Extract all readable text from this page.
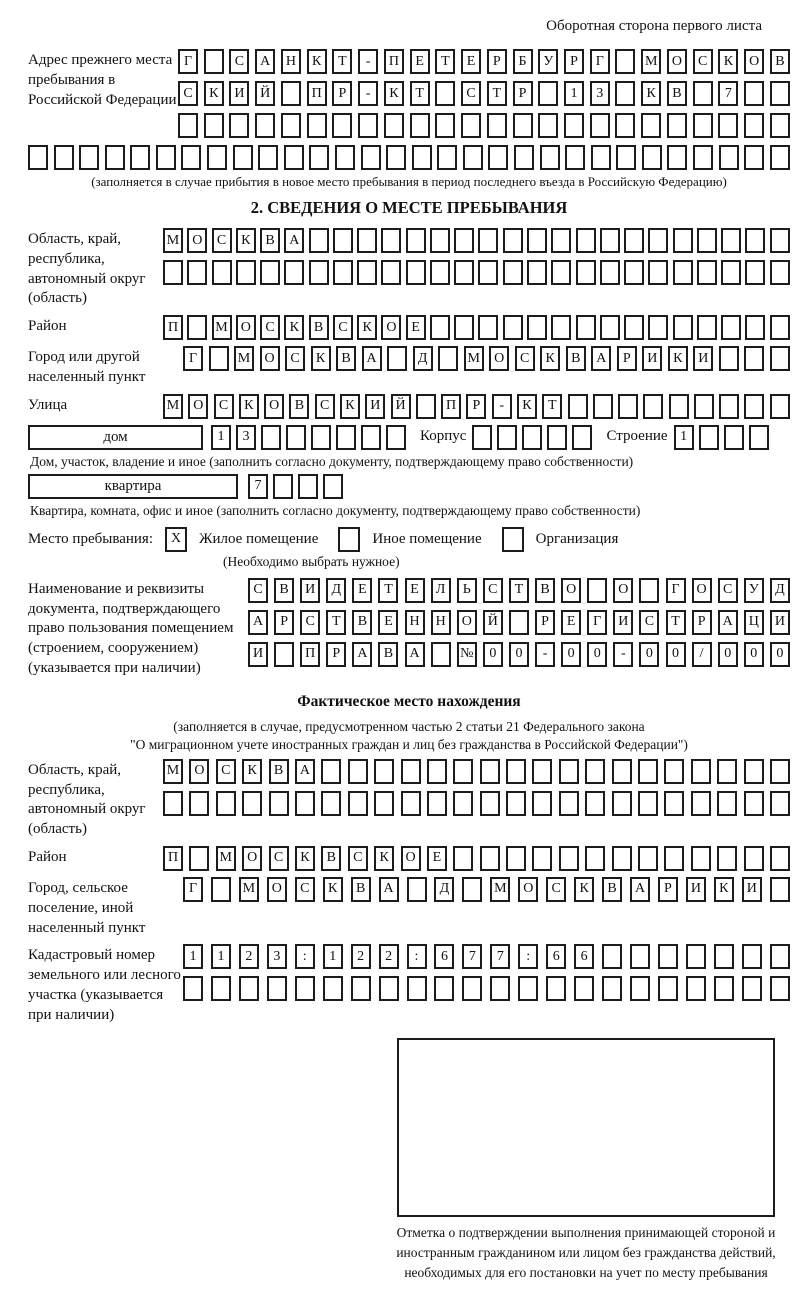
Оборотная сторона первого листа
Адрес прежнего места пребывания в Российской Федерации
Г	С	А	Н	К	Т	-	П	Е	Т	Е	Р	Б	У	Р	Г	М	О	С	К	О	В
С	К	И	Й	П	Р	-	К	Т	С	Т	Р	1	3	К	В	7
(заполняется в случае прибытия в новое место пребывания в период последнего въезда в Российскую Федерацию)
2. СВЕДЕНИЯ О МЕСТЕ ПРЕБЫВАНИЯ
Область, край, республика, автономный округ (область)
М О	С	К	В	А
Район	П	М О	С	К	В	С	К	О	Е
Город или другой населенный пункт
Г	М	О	С	К	В	А	Д	М	О	С	К	В	А	Р	И	К	И
Улица	М	О	С	К	О	В	С	К	И	Й	П	Р	-	К	Т
дом	1	3	Корпус	Строение 1
Дом, участок, владение и иное (заполнить согласно документу, подтверждающему право собственности)
квартира	7
Квартира, комната, офис и иное (заполнить согласно документу, подтверждающему право собственности)
Место пребывания:	X	Жилое помещение	Иное помещение	Организация
(Необходимо выбрать нужное)
Наименование и реквизиты документа, подтверждающего право пользования помещением (строением, сооружением) (указывается при наличии)
С	В	И	Д	Е	Т	Е	Л	Ь	С	Т	В	О	О	Г	О	С	У	Д
А	Р	С	Т	В	Е	Н	Н	О	Й	Р	Е	Г	И	С	Т	Р	А	Ц	И
И	П	Р	А	В	А	№	0	0	-	0	0	-	0	0	/	0	0	0
Фактическое место нахождения
(заполняется в случае, предусмотренном частью 2 статьи 21 Федерального закона
"О миграционном учете иностранных граждан и лиц без гражданства в Российской Федерации")
Область, край, республика, автономный округ (область)
М	О	С	К	В	А
Район	П	М	О	С	К	В	С	К	О	Е
Город, сельское поселение, иной населенный пункт
Г	М	О	С	К	В	А	Д	М	О	С	К	В	А	Р	И	К	И
Кадастровый номер земельного или лесного участка (указывается при наличии)
1	1	2	3	:	1	2	2	:	6	7	7	:	6	6
Отметка о подтверждении выполнения принимающей стороной и иностранным гражданином или лицом без гражданства действий, необходимых для его постановки на учет по месту пребывания
